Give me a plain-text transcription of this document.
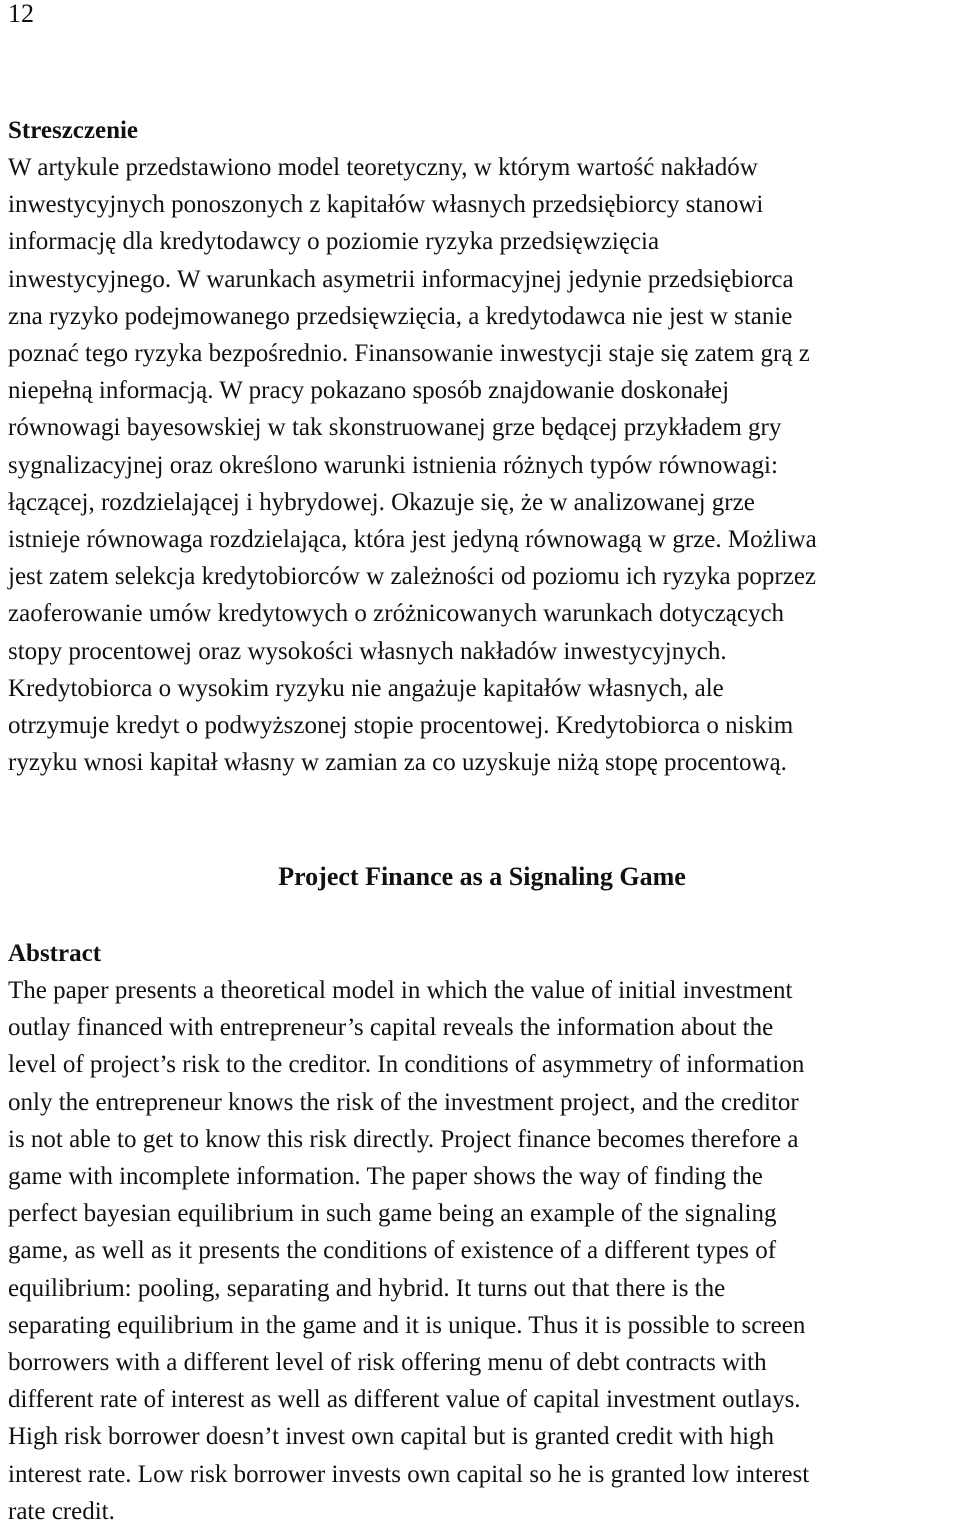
12

Streszczenie

W artykule przedstawiono model teoretyczny, w którym wartość nakładów
inwestycyjnych ponoszonych z kapitałów własnych przedsiębiorcy stanowi
informację dla kredytodawcy o poziomie ryzyka przedsięwzięcia
inwestycyjnego. W warunkach asymetrii informacyjnej jedynie przedsiębiorca
zna ryzyko podejmowanego przedsięwzięcia, a kredytodawca nie jest w stanie
poznać tego ryzyka bezpośrednio. Finansowanie inwestycji staje się zatem grą z
niepełną informacją. W pracy pokazano sposób znajdowanie doskonałej
równowagi bayesowskiej w tak skonstruowanej grze będącej przykładem gry
sygnalizacyjnej oraz określono warunki istnienia różnych typów równowagi:
łączącej, rozdzielającej i hybrydowej. Okazuje się, że w analizowanej grze
istnieje równowaga rozdzielająca, która jest jedyną równowagą w grze. Możliwa
jest zatem selekcja kredytobiorców w zależności od poziomu ich ryzyka poprzez
zaoferowanie umów kredytowych o zróżnicowanych warunkach dotyczących
stopy procentowej oraz wysokości własnych nakładów inwestycyjnych.
Kredytobiorca o wysokim ryzyku nie angażuje kapitałów własnych, ale
otrzymuje kredyt o podwyższonej stopie procentowej. Kredytobiorca o niskim
ryzyku wnosi kapitał własny w zamian za co uzyskuje niżą stopę procentową.

Project Finance as a Signaling Game

Abstract

The paper presents a theoretical model in which the value of initial investment
outlay financed with entrepreneur’s capital reveals the information about the
level of project’s risk to the creditor. In conditions of asymmetry of information
only the entrepreneur knows the risk of the investment project, and the creditor
is not able to get to know this risk directly. Project finance becomes therefore a
game with incomplete information. The paper shows the way of finding the
perfect bayesian equilibrium in such game being an example of the signaling
game, as well as it presents the conditions of existence of a different types of
equilibrium: pooling, separating and hybrid. It turns out that there is the
separating equilibrium in the game and it is unique. Thus it is possible to screen
borrowers with a different level of risk offering menu of debt contracts with
different rate of interest as well as different value of capital investment outlays.
High risk borrower doesn’t invest own capital but is granted credit with high
interest rate. Low risk borrower invests own capital so he is granted low interest
rate credit.
